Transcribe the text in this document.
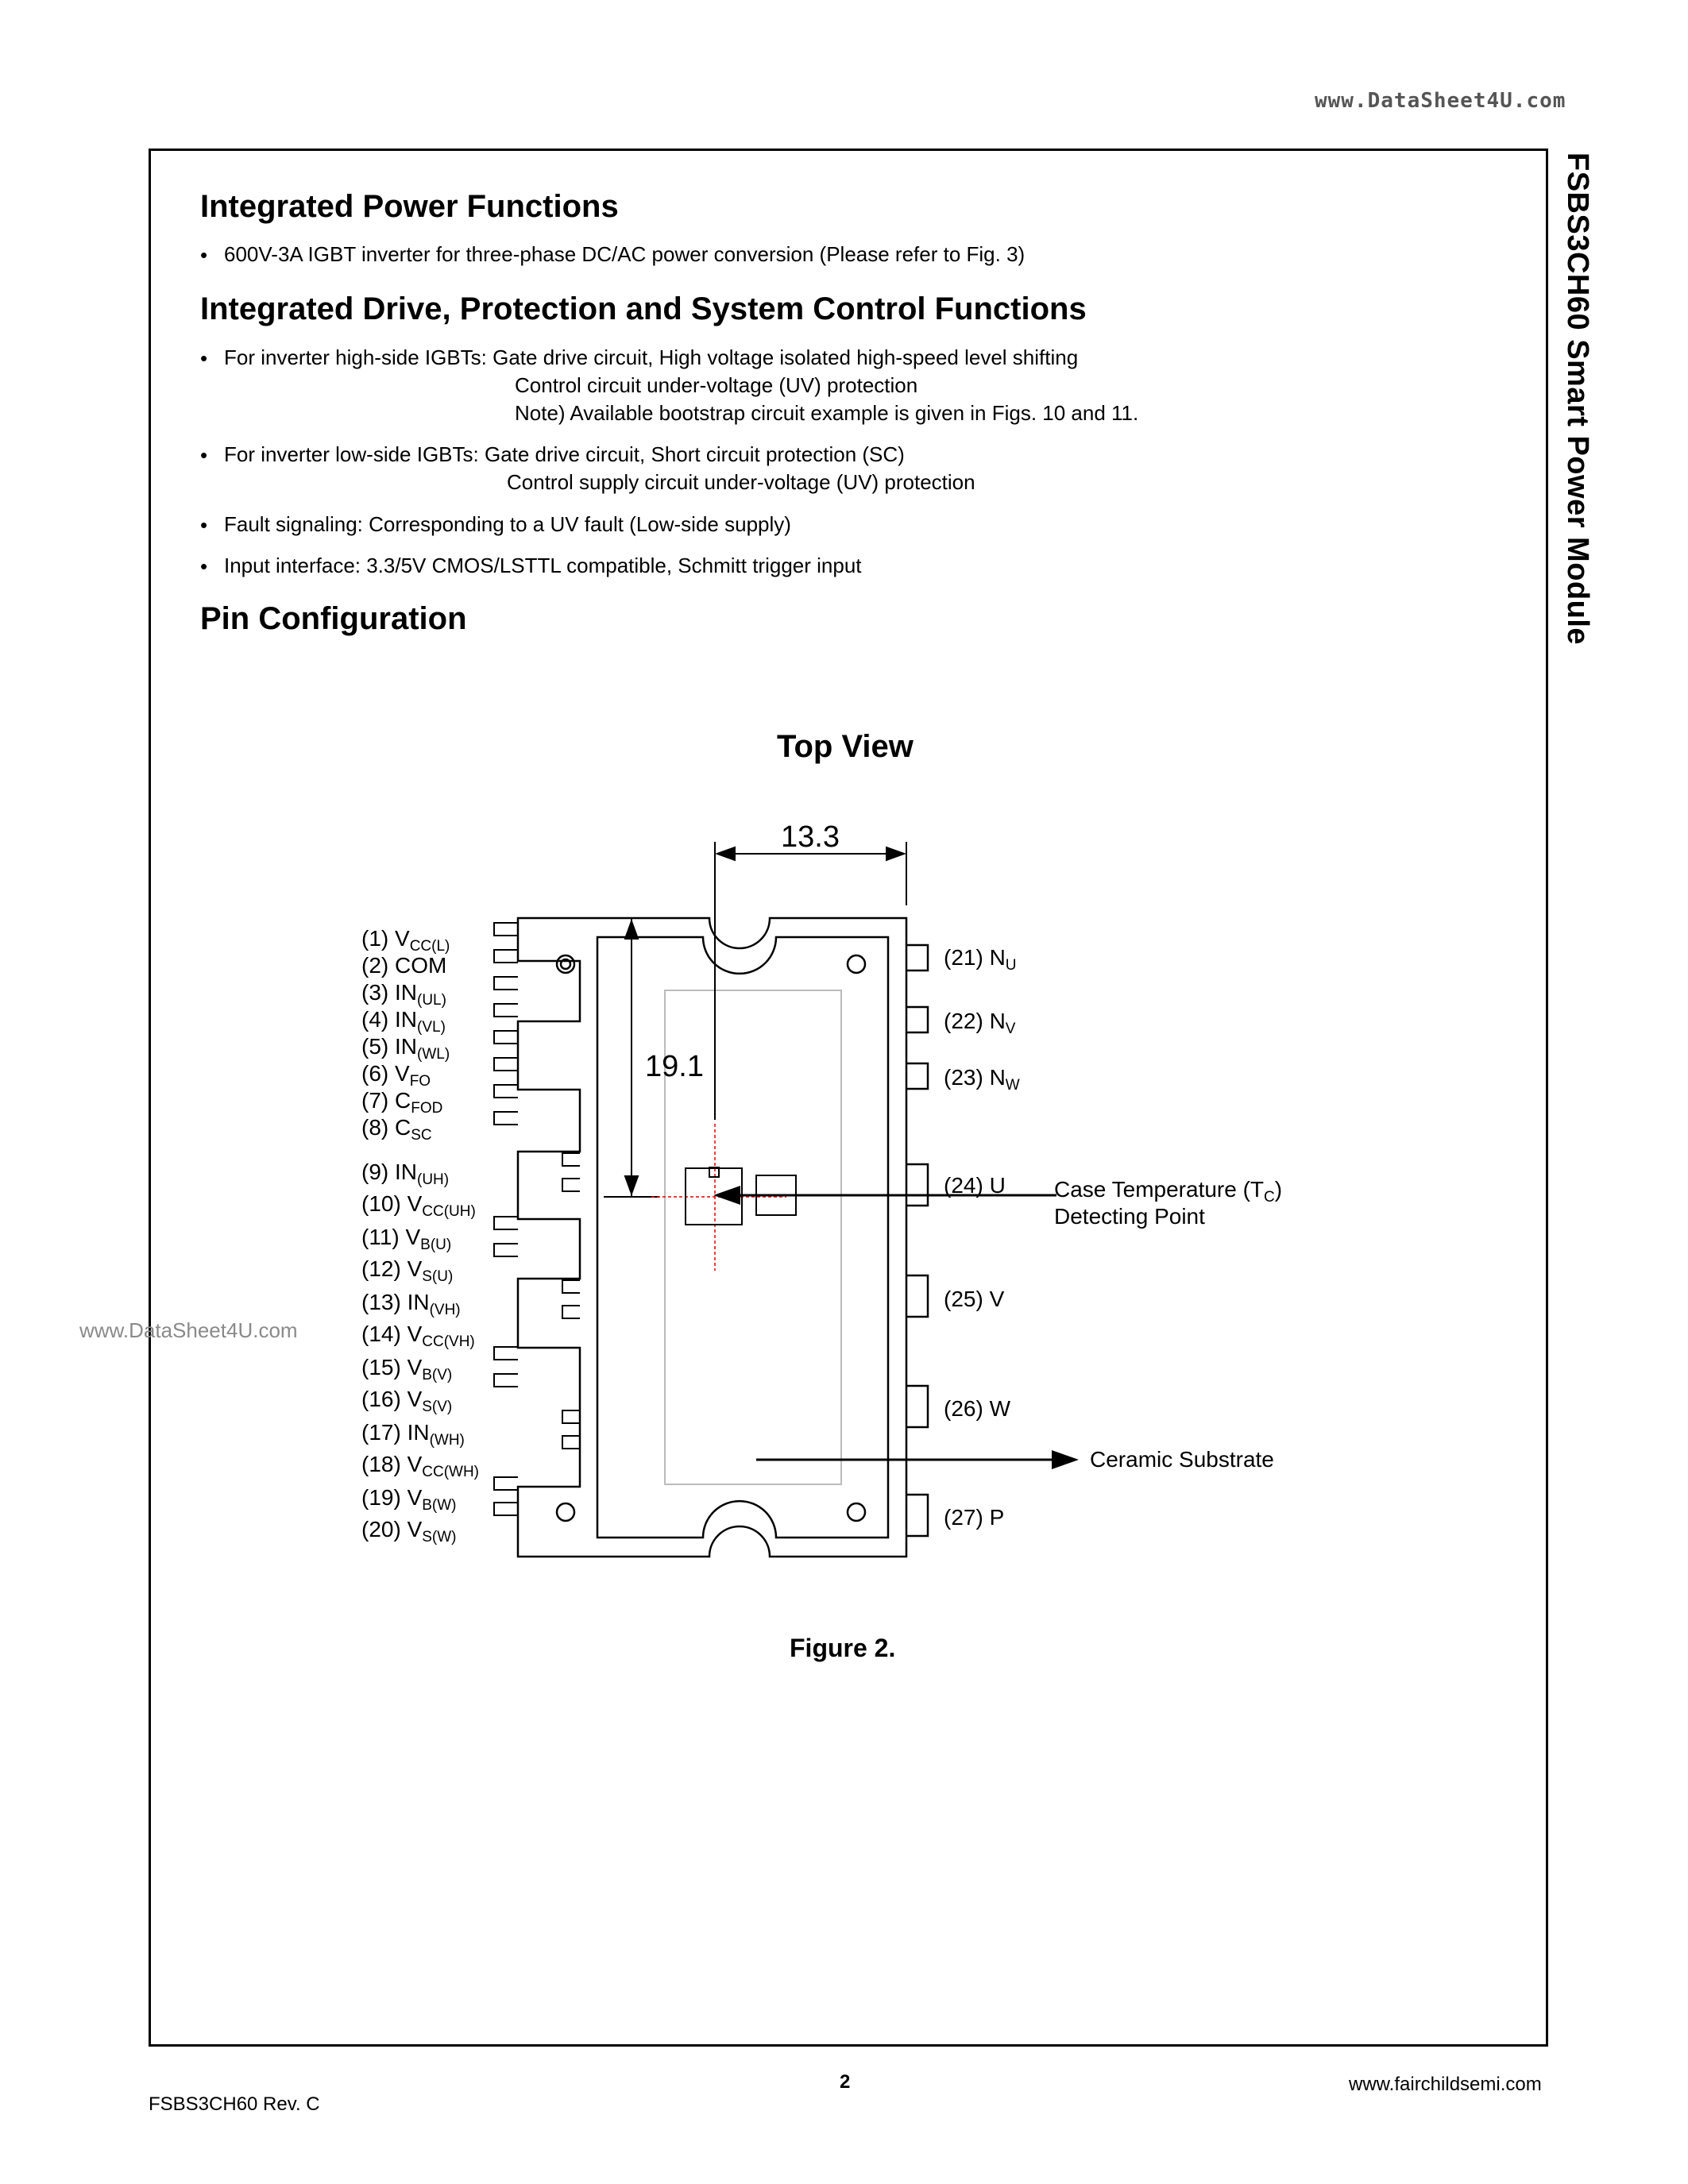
www.DataSheet4U.com
FSBS3CH60 Smart Power Module
Integrated Power Functions
• 600V-3A IGBT inverter for three-phase DC/AC power conversion (Please refer to Fig. 3)
Integrated Drive, Protection and System Control Functions
• For inverter high-side IGBTs: Gate drive circuit, High voltage isolated high-speed level shifting
Control circuit under-voltage (UV) protection
Note) Available bootstrap circuit example is given in Figs. 10 and 11.
• For inverter low-side IGBTs: Gate drive circuit, Short circuit protection (SC)
Control supply circuit under-voltage (UV) protection
• Fault signaling: Corresponding to a UV fault (Low-side supply)
• Input interface: 3.3/5V CMOS/LSTTL compatible, Schmitt trigger input
Pin Configuration
Top View
13.3
19.1
(1) $V_{CC(L)}$
(2) COM
(3) $IN_{(UL)}$
(4) $IN_{(VL)}$
(5) $IN_{(WL)}$
(6) $V_{FO}$
(7) $C_{FOD}$
(8) $C_{SC}$
(9) $IN_{(UH)}$
(10) $V_{CC(UH)}$
(11) $V_{B(U)}$
(12) $V_{S(U)}$
(13) $IN_{(VH)}$
(14) $V_{CC(VH)}$
(15) $V_{B(V)}$
(16) $V_{S(V)}$
(17) $IN_{(WH)}$
(18) $V_{CC(WH)}$
(19) $V_{B(W)}$
(20) $V_{S(W)}$
(21) $N_U$
(22) $N_V$
(23) $N_W$
(24) U
(25) V
(26) W
(27) P
Case Temperature $(T_C)$
Detecting Point
Ceramic Substrate
www.DataSheet4U.com
Figure 2.
2
FSBS3CH60 Rev. C
www.fairchildsemi.com
